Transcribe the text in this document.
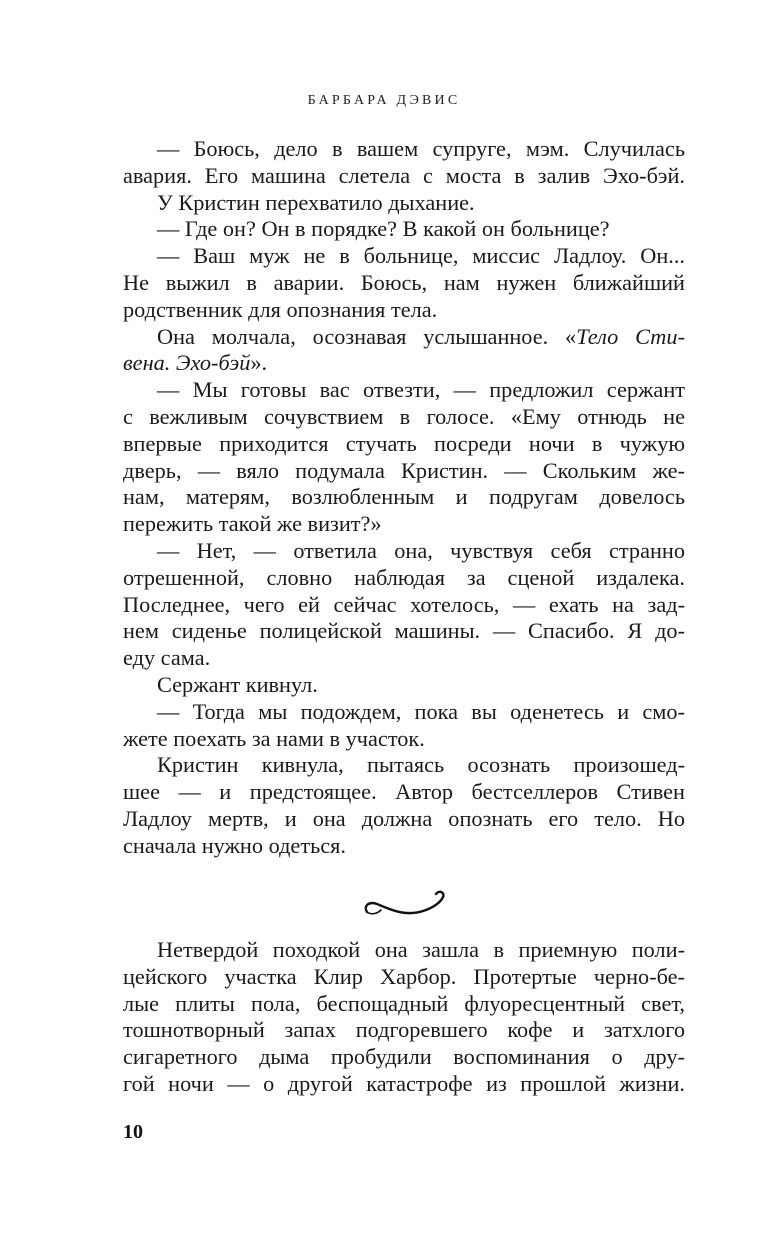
БАРБАРА ДЭВИС
— Боюсь, дело в вашем супруге, мэм. Случилась
авария. Его машина слетела с моста в залив Эхо-бэй.
У Кристин перехватило дыхание.
— Где он? Он в порядке? В какой он больнице?
— Ваш муж не в больнице, миссис Ладлоу. Он...
Не выжил в аварии. Боюсь, нам нужен ближайший
родственник для опознания тела.
Она молчала, осознавая услышанное. «Тело Сти-
вена. Эхо-бэй».
— Мы готовы вас отвезти, — предложил сержант
с вежливым сочувствием в голосе. «Ему отнюдь не
впервые приходится стучать посреди ночи в чужую
дверь, — вяло подумала Кристин. — Скольким же-
нам, матерям, возлюбленным и подругам довелось
пережить такой же визит?»
— Нет, — ответила она, чувствуя себя странно
отрешенной, словно наблюдая за сценой издалека.
Последнее, чего ей сейчас хотелось, — ехать на зад-
нем сиденье полицейской машины. — Спасибо. Я до-
еду сама.
Сержант кивнул.
— Тогда мы подождем, пока вы оденетесь и смо-
жете поехать за нами в участок.
Кристин кивнула, пытаясь осознать произошед-
шее — и предстоящее. Автор бестселлеров Стивен
Ладлоу мертв, и она должна опознать его тело. Но
сначала нужно одеться.
Нетвердой походкой она зашла в приемную поли-
цейского участка Клир Харбор. Протертые черно-бе-
лые плиты пола, беспощадный флуоресцентный свет,
тошнотворный запах подгоревшего кофе и затхлого
сигаретного дыма пробудили воспоминания о дру-
гой ночи — о другой катастрофе из прошлой жизни.
10
